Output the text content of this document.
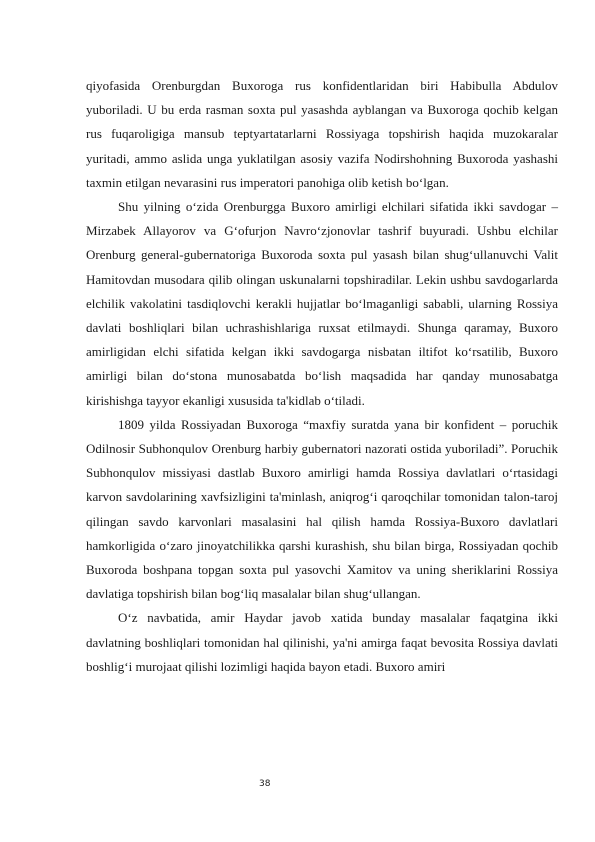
qiyofasida Orenburgdan Buxoroga rus konfidentlaridan biri Habibulla Abdulov yuboriladi. U bu erda rasman soxta pul yasashda ayblangan va Buxoroga qochib kelgan rus fuqaroligiga mansub teptyartatarlarni Rossiyaga topshirish haqida muzokaralar yuritadi, ammo aslida unga yuklatilgan asosiy vazifa Nodirshohning Buxoroda yashashi taxmin etilgan nevarasini rus imperatori panohiga olib ketish boʻlgan.

Shu yilning oʻzida Orenburgga Buxoro amirligi elchilari sifatida ikki savdogar – Mirzabek Allayorov va Gʻofurjon Navroʻzjonovlar tashrif buyuradi. Ushbu elchilar Orenburg general-gubernatoriga Buxoroda soxta pul yasash bilan shugʻullanuvchi Valit Hamitovdan musodara qilib olingan uskunalarni topshiradilar. Lekin ushbu savdogarlarda elchilik vakolatini tasdiqlovchi kerakli hujjatlar boʻlmaganligi sababli, ularning Rossiya davlati boshliqlari bilan uchrashishlariga ruxsat etilmaydi. Shunga qaramay, Buxoro amirligidan elchi sifatida kelgan ikki savdogarga nisbatan iltifot koʻrsatilib, Buxoro amirligi bilan doʻstona munosabatda boʻlish maqsadida har qanday munosabatga kirishishga tayyor ekanligi xususida ta'kidlab oʻtiladi.

1809 yilda Rossiyadan Buxoroga “maxfiy suratda yana bir konfident – poruchik Odilnosir Subhonqulov Orenburg harbiy gubernatori nazorati ostida yuboriladi”. Poruchik Subhonqulov missiyasi dastlab Buxoro amirligi hamda Rossiya davlatlari oʻrtasidagi karvon savdolarining xavfsizligini ta'minlash, aniqrogʻi qaroqchilar tomonidan talon-taroj qilingan savdo karvonlari masalasini hal qilish hamda Rossiya-Buxoro davlatlari hamkorligida oʻzaro jinoyatchilikka qarshi kurashish, shu bilan birga, Rossiyadan qochib Buxoroda boshpana topgan soxta pul yasovchi Xamitov va uning sheriklarini Rossiya davlatiga topshirish bilan bogʻliq masalalar bilan shugʻullangan.

Oʻz navbatida, amir Haydar javob xatida bunday masalalar faqatgina ikki davlatning boshliqlari tomonidan hal qilinishi, ya'ni amirga faqat bevosita Rossiya davlati boshligʻi murojaat qilishi lozimligi haqida bayon etadi. Buxoro amiri

38
